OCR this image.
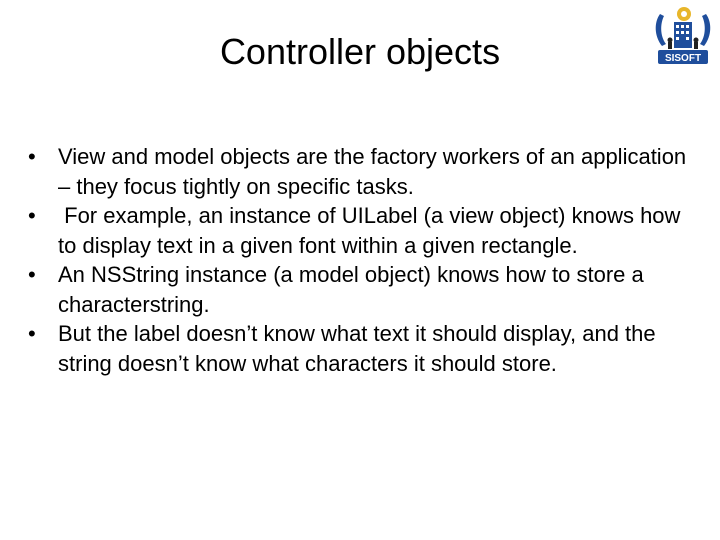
Controller objects	SISOFT
•	View and model objects are the factory workers of an application – they focus tightly on specific tasks.
•	For example, an instance of UILabel (a view object) knows how to display text in a given font within a given rectangle.
•	An NSString instance (a model object) knows how to store a characterstring.
•	But the label doesn’t know what text it should display, and the string doesn’t know what characters it should store.
